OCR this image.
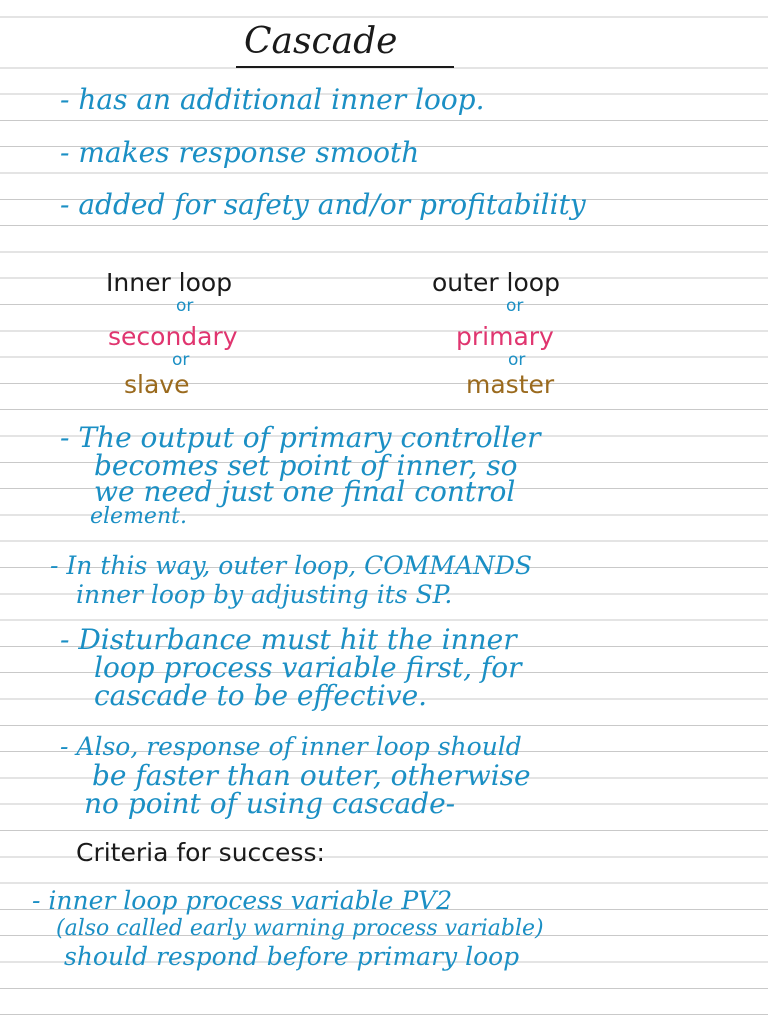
Cascade
- has an additional inner loop.
- makes response smooth
- added for safety and/or profitability
Inner loop
or
secondary
or
slave
outer loop
or
primary
or
master
- The output of primary controller
becomes set point of inner, so
we need just one final control
element.
- In this way, outer loop, COMMANDS
inner loop by adjusting its SP.
- Disturbance must hit the inner
loop process variable first, for
cascade to be effective.
- Also, response of inner loop should
be faster than outer, otherwise
no point of using cascade-
Criteria for success:
- inner loop process variable PV2
(also called early warning process variable)
should respond before primary loop
